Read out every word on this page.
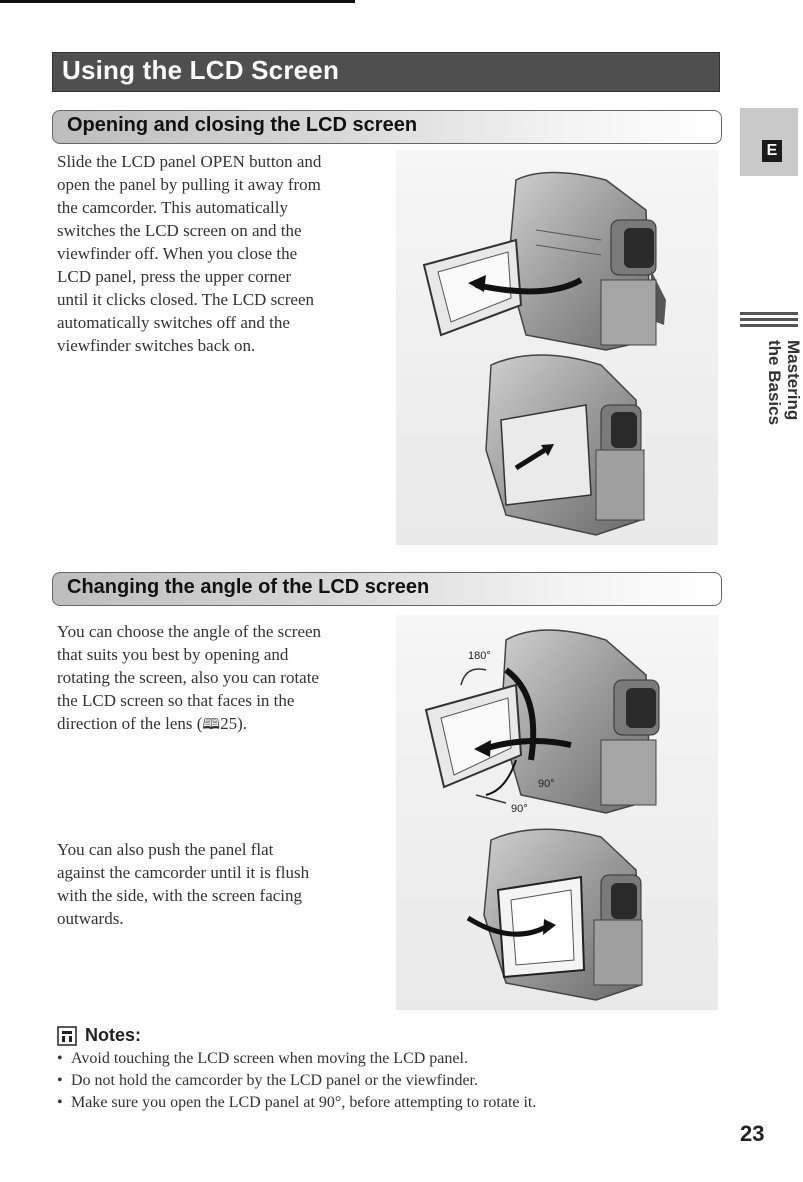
Using the LCD Screen
E
Mastering
the Basics
Opening and closing the LCD screen
Slide the LCD panel OPEN button and
open the panel by pulling it away from
the camcorder. This automatically
switches the LCD screen on and the
viewfinder off. When you close the
LCD panel, press the upper corner
until it clicks closed. The LCD screen
automatically switches off and the
viewfinder switches back on.
Changing the angle of the LCD screen
You can choose the angle of the screen
that suits you best by opening and
rotating the screen, also you can rotate
the LCD screen so that faces in the
direction of the lens (🕮25).
You can also push the panel flat
against the camcorder until it is flush
with the side, with the screen facing
outwards.
180°
90°
90°
Notes:
• Avoid touching the LCD screen when moving the LCD panel.
• Do not hold the camcorder by the LCD panel or the viewfinder.
• Make sure you open the LCD panel at 90°, before attempting to rotate it.
23
